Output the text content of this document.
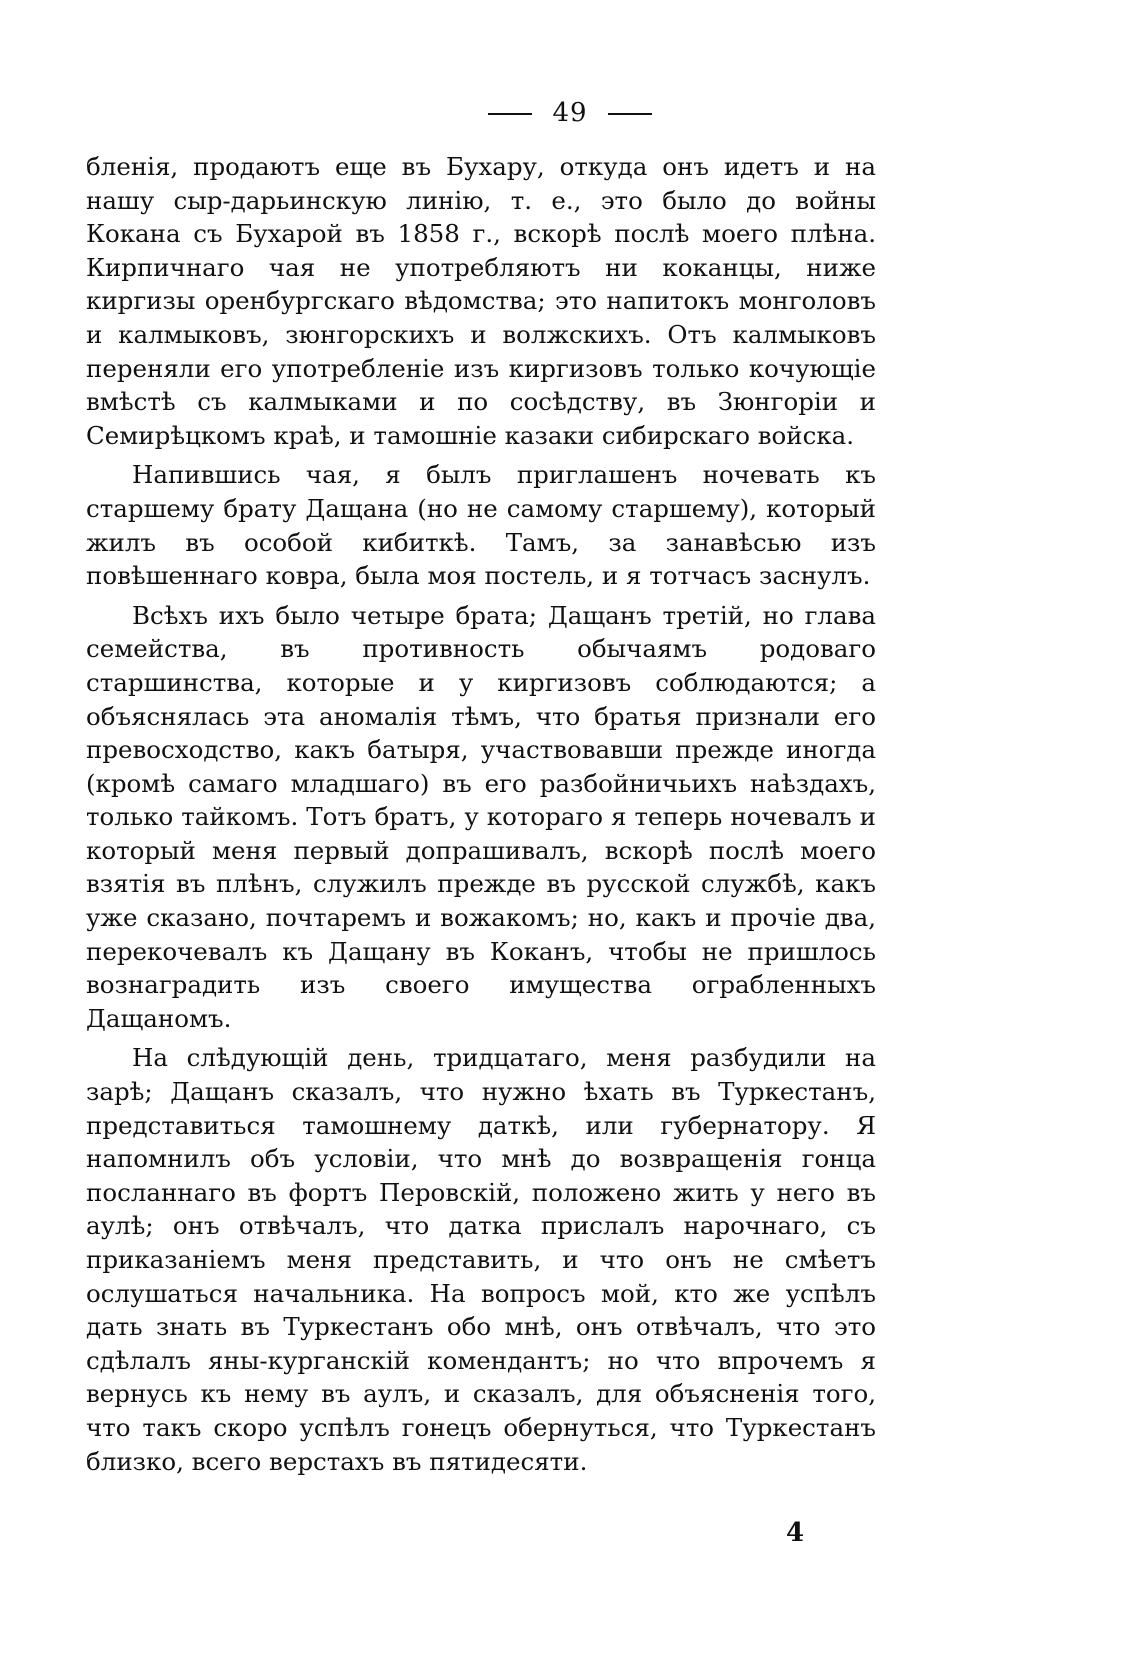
49

бленія, продаютъ еще въ Бухару, откуда онъ идетъ и на нашу сыр-дарьинскую линію, т. е., это было до войны Кокана съ Бухарой въ 1858 г., вскорѣ послѣ моего плѣна. Кирпичнаго чая не употребляютъ ни коканцы, ниже киргизы оренбургскаго вѣдомства; это напитокъ монголовъ и калмыковъ, зюнгорскихъ и волжскихъ. Отъ калмыковъ переняли его употребленіе изъ киргизовъ только кочующіе вмѣстѣ съ калмыками и по сосѣдству, въ Зюнгоріи и Семирѣцкомъ краѣ, и тамошніе казаки сибирскаго войска.

Напившись чая, я былъ приглашенъ ночевать къ старшему брату Дащана (но не самому старшему), который жилъ въ особой кибиткѣ. Тамъ, за занавѣсью изъ повѣшеннаго ковра, была моя постель, и я тотчасъ заснулъ.

Всѣхъ ихъ было четыре брата; Дащанъ третій, но глава семейства, въ противность обычаямъ родоваго старшинства, которые и у киргизовъ соблюдаются; а объяснялась эта аномалія тѣмъ, что братья признали его превосходство, какъ батыря, участвовавши прежде иногда (кромѣ самаго младшаго) въ его разбойничьихъ наѣздахъ, только тайкомъ. Тотъ братъ, у котораго я теперь ночевалъ и который меня первый допрашивалъ, вскорѣ послѣ моего взятія въ плѣнъ, служилъ прежде въ русской службѣ, какъ уже сказано, почтаремъ и вожакомъ; но, какъ и прочіе два, перекочевалъ къ Дащану въ Коканъ, чтобы не пришлось вознаградить изъ своего имущества ограбленныхъ Дащаномъ.

На слѣдующій день, тридцатаго, меня разбудили на зарѣ; Дащанъ сказалъ, что нужно ѣхать въ Туркестанъ, представиться тамошнему даткѣ, или губернатору. Я напомнилъ объ условіи, что мнѣ до возвращенія гонца посланнаго въ фортъ Перовскій, положено жить у него въ аулѣ; онъ отвѣчалъ, что датка прислалъ нарочнаго, съ приказаніемъ меня представить, и что онъ не смѣетъ ослушаться начальника. На вопросъ мой, кто же успѣлъ дать знать въ Туркестанъ обо мнѣ, онъ отвѣчалъ, что это сдѣлалъ яны-курганскій комендантъ; но что впрочемъ я вернусь къ нему въ аулъ, и сказалъ, для объясненія того, что такъ скоро успѣлъ гонецъ обернуться, что Туркестанъ близко, всего верстахъ въ пятидесяти.

4
